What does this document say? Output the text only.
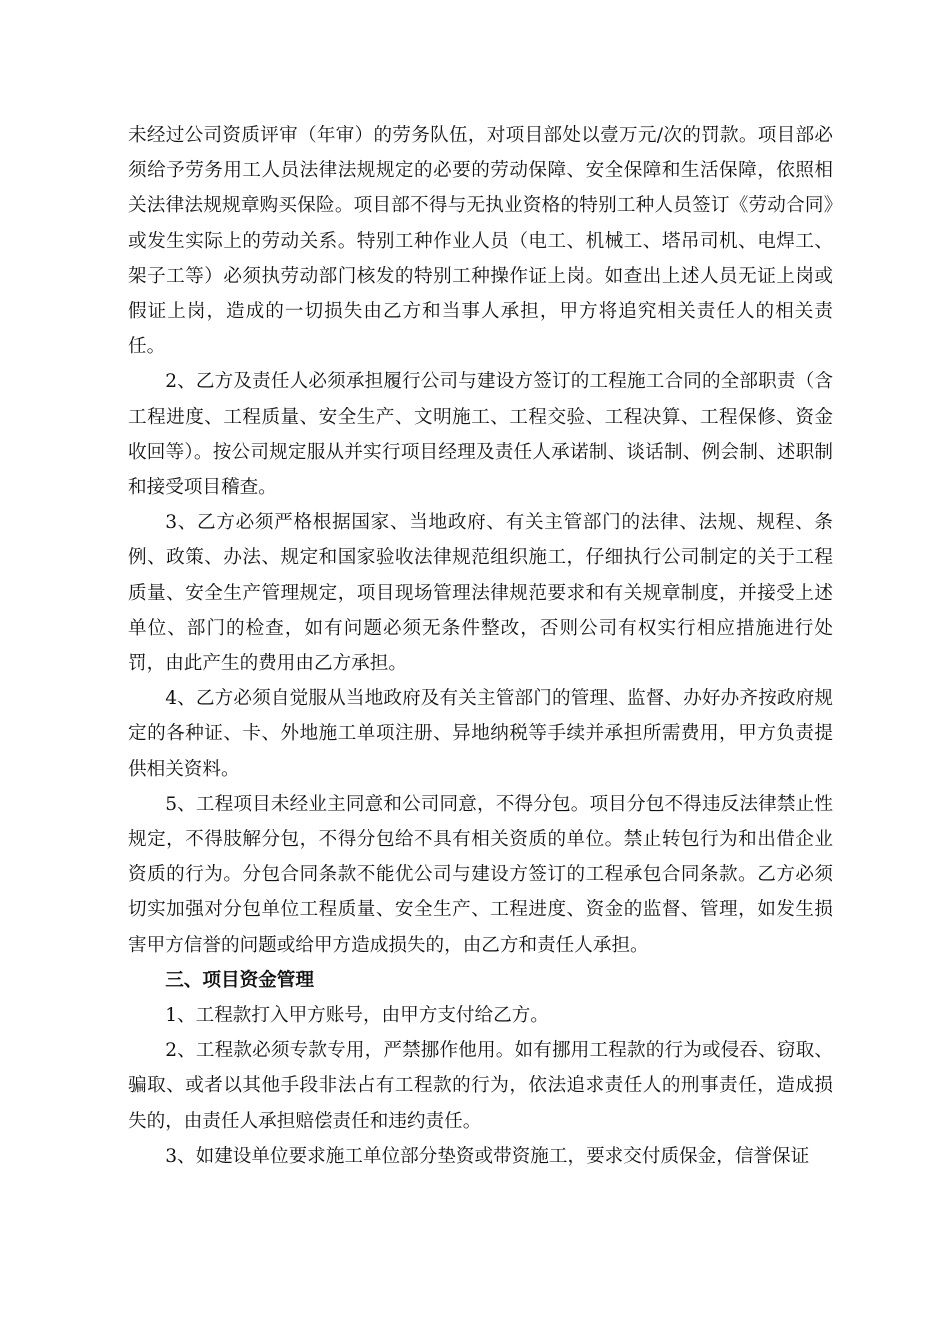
未经过公司资质评审（年审）的劳务队伍，对项目部处以壹万元/次的罚款。项目部必须给予劳务用工人员法律法规规定的必要的劳动保障、安全保障和生活保障，依照相关法律法规规章购买保险。项目部不得与无执业资格的特别工种人员签订《劳动合同》或发生实际上的劳动关系。特别工种作业人员（电工、机械工、塔吊司机、电焊工、架子工等）必须执劳动部门核发的特别工种操作证上岗。如查出上述人员无证上岗或假证上岗，造成的一切损失由乙方和当事人承担，甲方将追究相关责任人的相关责任。

2、乙方及责任人必须承担履行公司与建设方签订的工程施工合同的全部职责（含工程进度、工程质量、安全生产、文明施工、工程交验、工程决算、工程保修、资金收回等）。按公司规定服从并实行项目经理及责任人承诺制、谈话制、例会制、述职制和接受项目稽查。

3、乙方必须严格根据国家、当地政府、有关主管部门的法律、法规、规程、条例、政策、办法、规定和国家验收法律规范组织施工，仔细执行公司制定的关于工程质量、安全生产管理规定，项目现场管理法律规范要求和有关规章制度，并接受上述单位、部门的检查，如有问题必须无条件整改，否则公司有权实行相应措施进行处罚，由此产生的费用由乙方承担。

4、乙方必须自觉服从当地政府及有关主管部门的管理、监督、办好办齐按政府规定的各种证、卡、外地施工单项注册、异地纳税等手续并承担所需费用，甲方负责提供相关资料。

5、工程项目未经业主同意和公司同意，不得分包。项目分包不得违反法律禁止性规定，不得肢解分包，不得分包给不具有相关资质的单位。禁止转包行为和出借企业资质的行为。分包合同条款不能优公司与建设方签订的工程承包合同条款。乙方必须切实加强对分包单位工程质量、安全生产、工程进度、资金的监督、管理，如发生损害甲方信誉的问题或给甲方造成损失的，由乙方和责任人承担。

三、项目资金管理

1、工程款打入甲方账号，由甲方支付给乙方。

2、工程款必须专款专用，严禁挪作他用。如有挪用工程款的行为或侵吞、窃取、骗取、或者以其他手段非法占有工程款的行为，依法追求责任人的刑事责任，造成损失的，由责任人承担赔偿责任和违约责任。

3、如建设单位要求施工单位部分垫资或带资施工，要求交付质保金，信誉保证
